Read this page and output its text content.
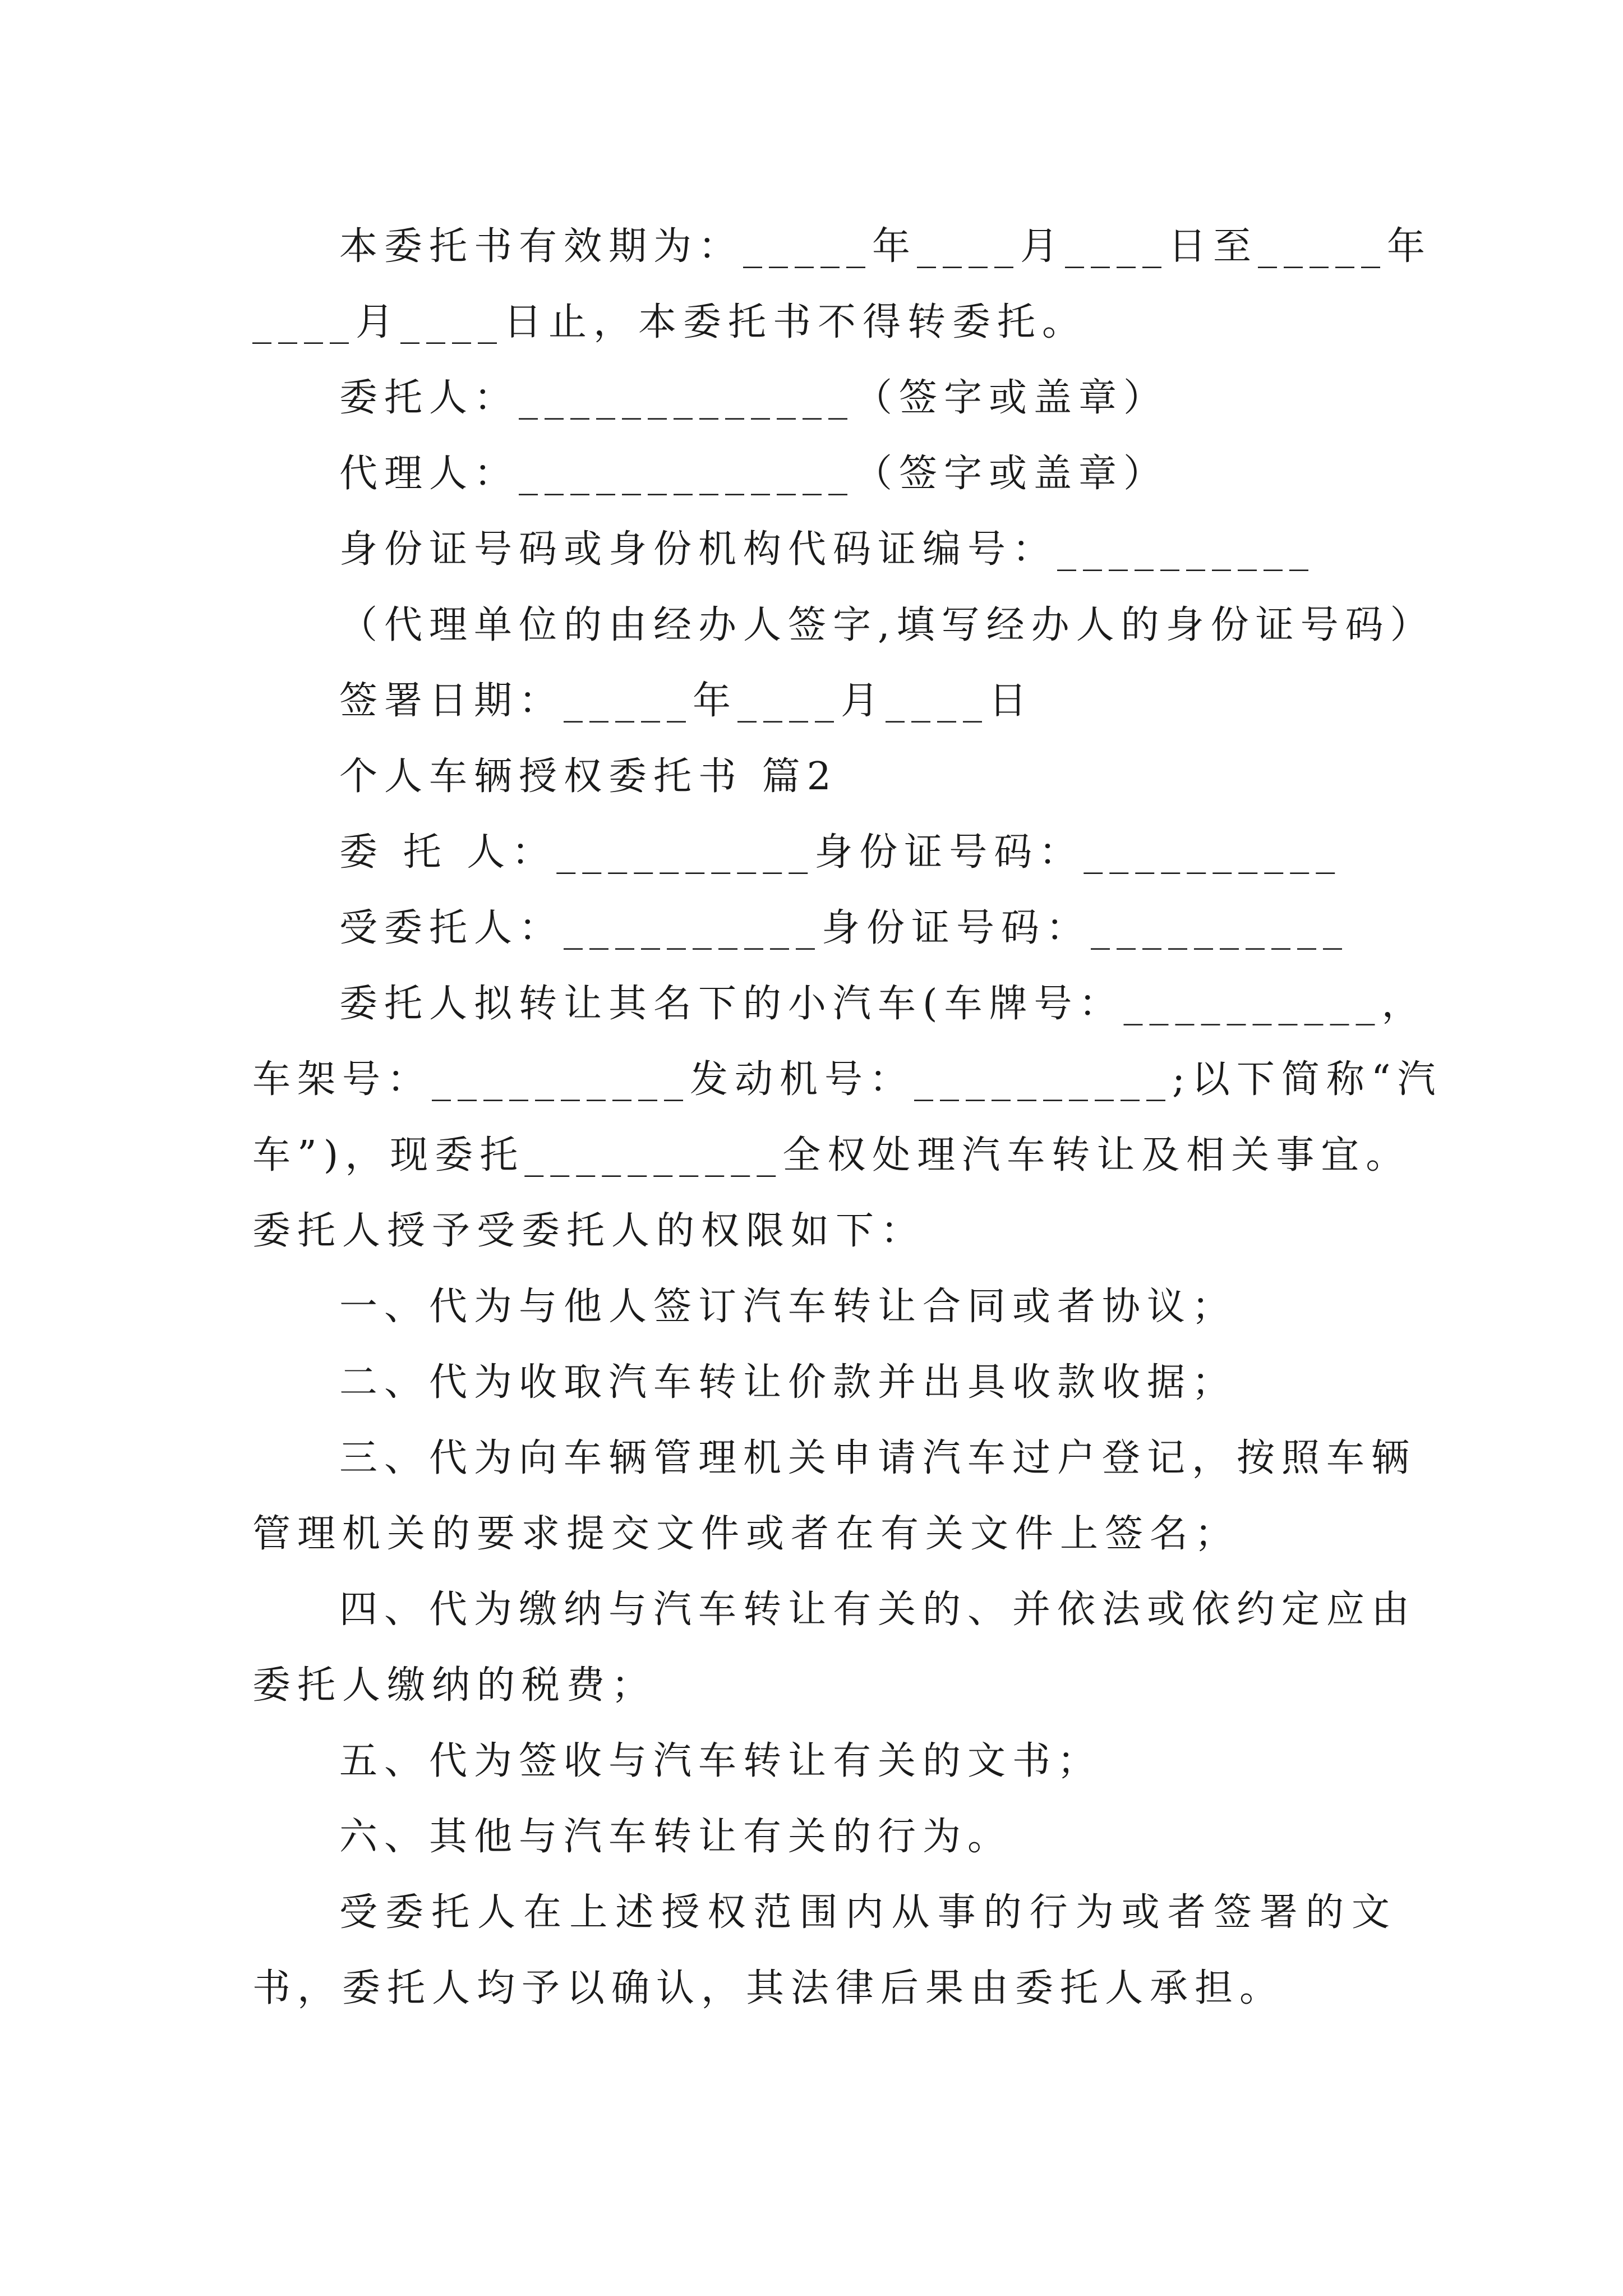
本委托书有效期为：_____年____月____日至_____年
____月____日止，本委托书不得转委托。
委托人：_____________（签字或盖章）
代理人：_____________（签字或盖章）
身份证号码或身份机构代码证编号：__________
（代理单位的由经办人签字,填写经办人的身份证号码）
签署日期：_____年____月____日
个人车辆授权委托书 篇2
委 托 人：__________身份证号码：__________
受委托人：__________身份证号码：__________
委托人拟转让其名下的小汽车(车牌号：__________，
车架号：__________发动机号：__________;以下简称“汽
车”)，现委托__________全权处理汽车转让及相关事宜。
委托人授予受委托人的权限如下：
一、代为与他人签订汽车转让合同或者协议；
二、代为收取汽车转让价款并出具收款收据；
三、代为向车辆管理机关申请汽车过户登记，按照车辆
管理机关的要求提交文件或者在有关文件上签名；
四、代为缴纳与汽车转让有关的、并依法或依约定应由
委托人缴纳的税费；
五、代为签收与汽车转让有关的文书；
六、其他与汽车转让有关的行为。
受委托人在上述授权范围内从事的行为或者签署的文
书，委托人均予以确认，其法律后果由委托人承担。
